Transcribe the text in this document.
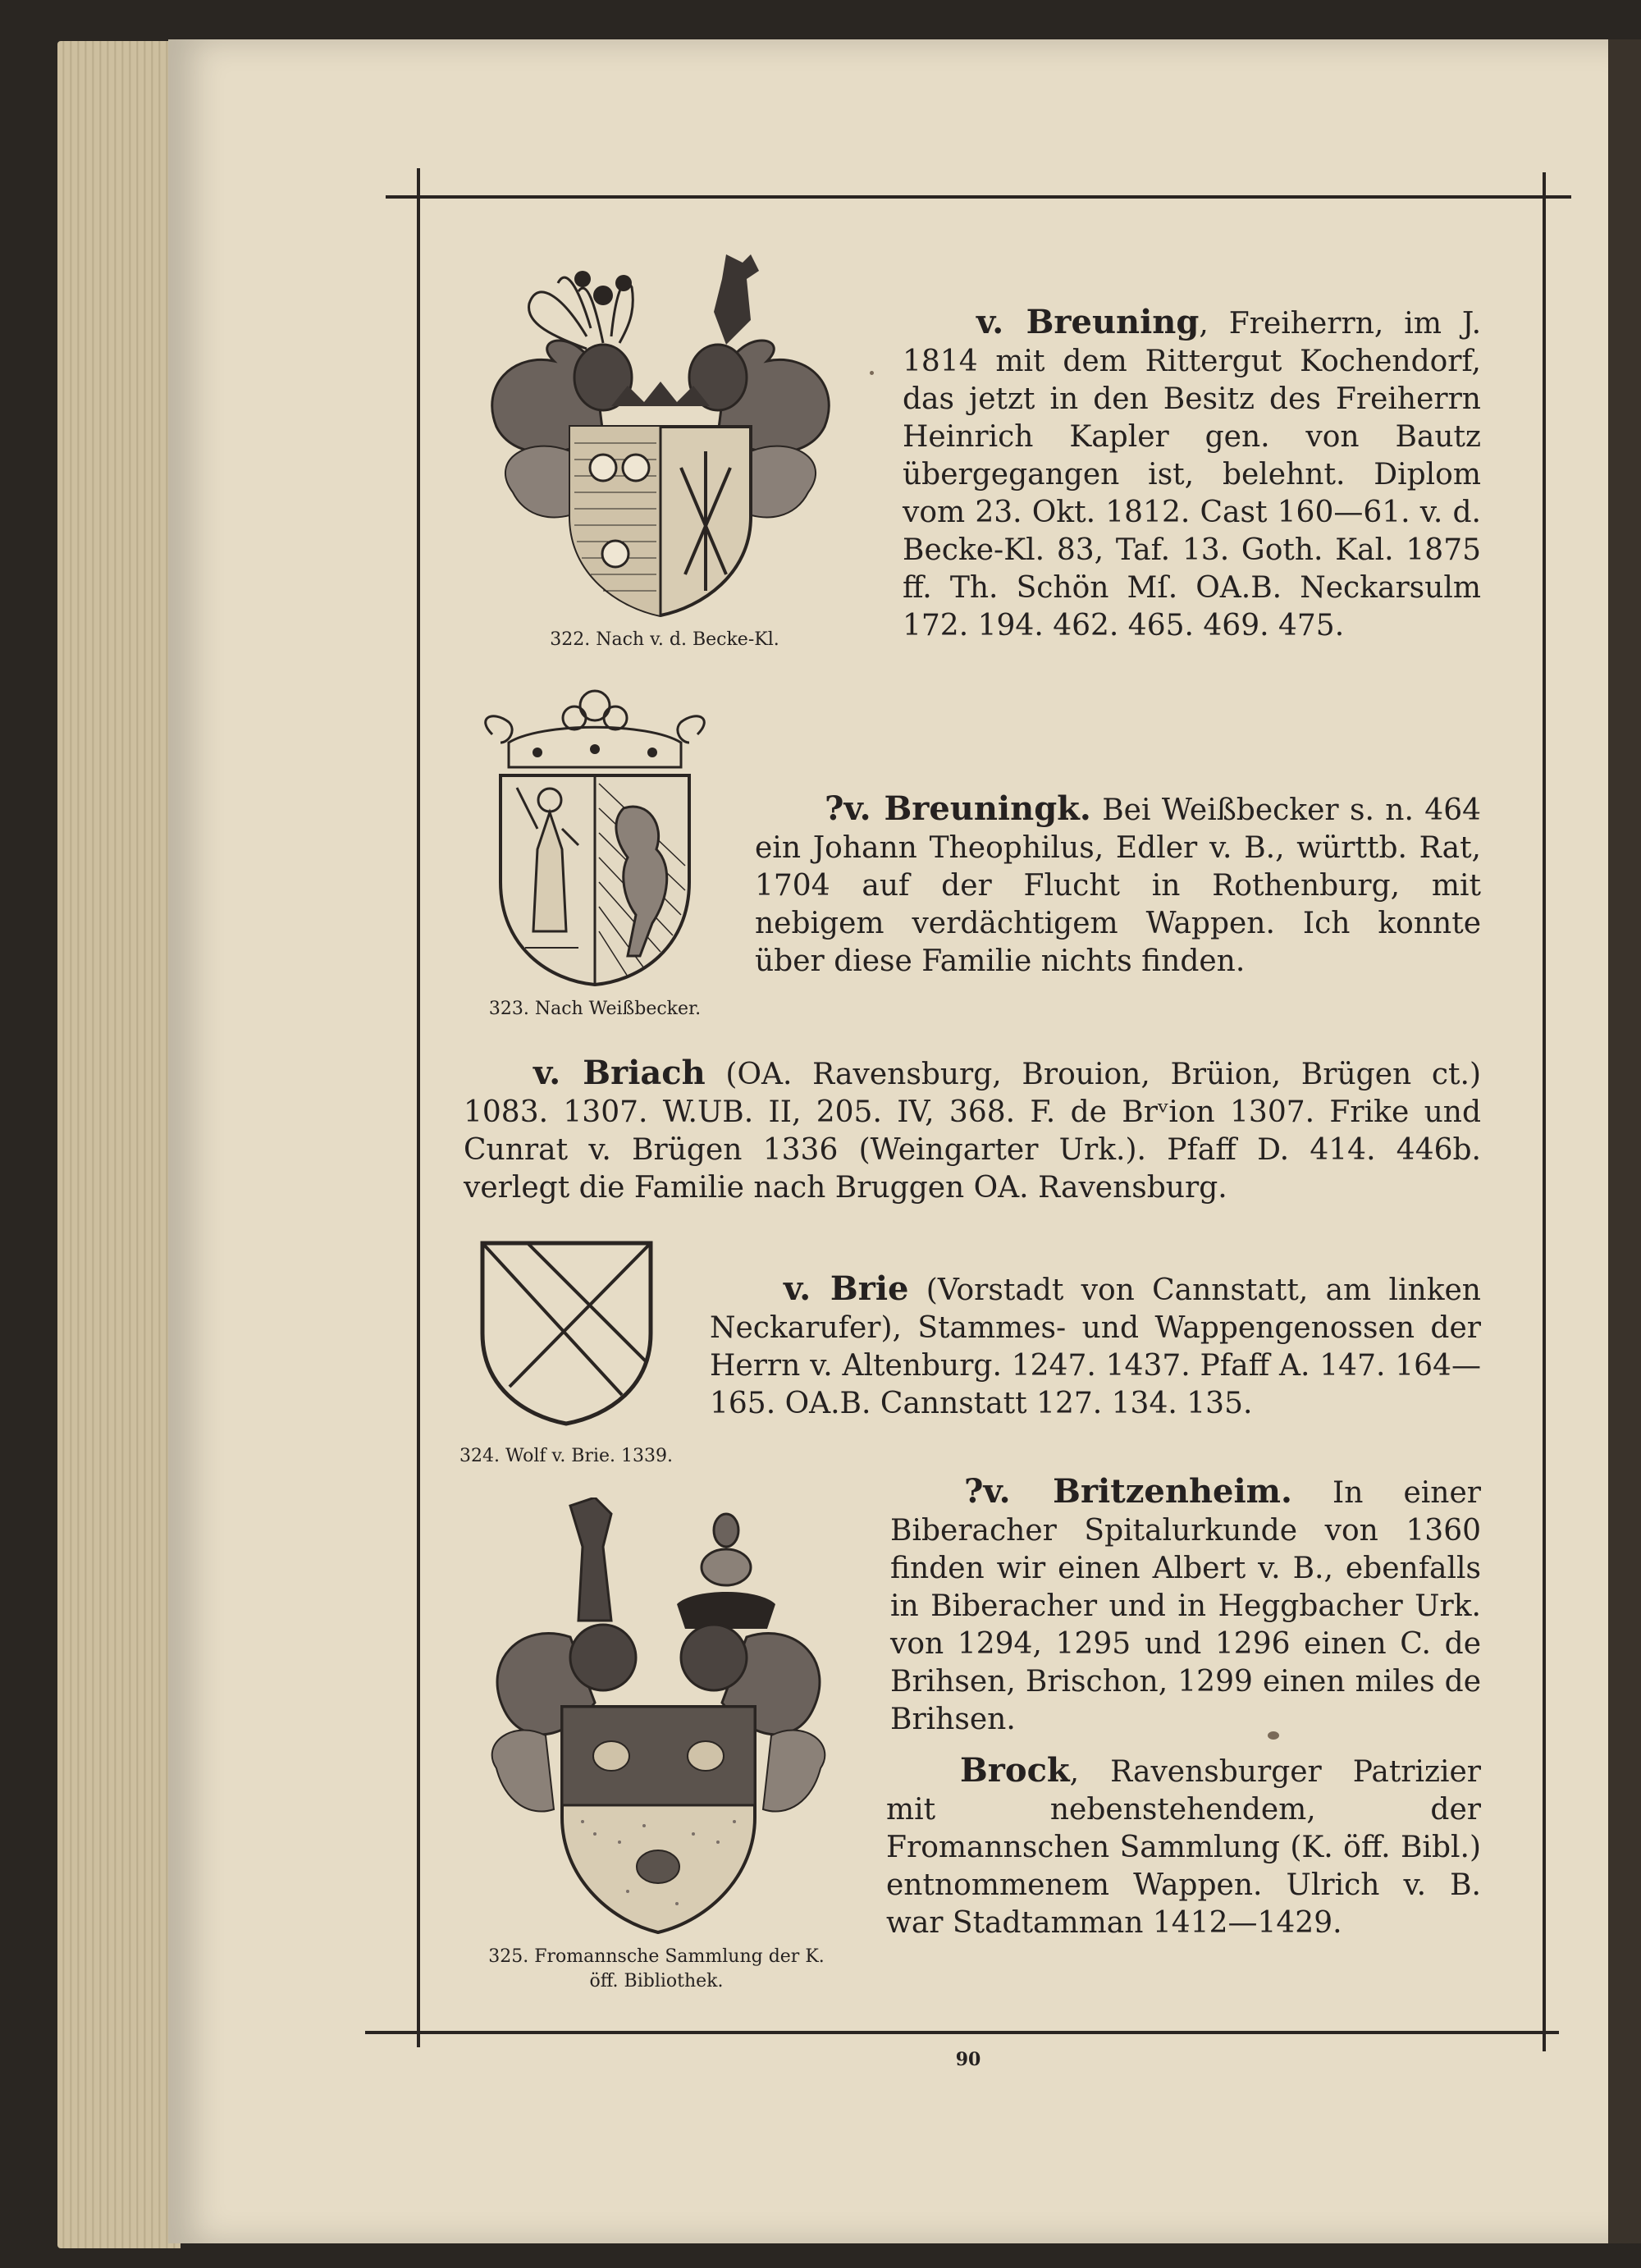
322. Nach v. d. Becke-Kl.
v. Breuning, Freiherrn, im J. 1814 mit dem Rittergut Kochendorf, das jetzt in den Besitz des Freiherrn Heinrich Kapler gen. von Bautz übergegangen ist, belehnt. Diplom vom 23. Okt. 1812. Cast 160—61. v. d. Becke-Kl. 83, Taf. 13. Goth. Kal. 1875 ff. Th. Schön Mſ. OA.B. Neckarsulm 172. 194. 462. 465. 469. 475.
323. Nach Weißbecker.
?v. Breuningk. Bei Weißbecker s. n. 464 ein Johann Theophilus, Edler v. B., württb. Rat, 1704 auf der Flucht in Rothenburg, mit nebigem verdächtigem Wappen. Ich konnte über diese Familie nichts finden.
v. Briach (OA. Ravensburg, Brouion, Brüion, Brügen ct.) 1083. 1307. W.UB. II, 205. IV, 368. F. de Brᵛion 1307. Frike und Cunrat v. Brügen 1336 (Weingarter Urk.). Pfaff D. 414. 446b. verlegt die Familie nach Bruggen OA. Ravensburg.
324. Wolf v. Brie. 1339.
v. Brie (Vorstadt von Cannstatt, am linken Neckarufer), Stammes- und Wappengenossen der Herrn v. Altenburg. 1247. 1437. Pfaff A. 147. 164—165. OA.B. Cannstatt 127. 134. 135.
325. Fromannsche Sammlung der K. öff. Bibliothek.
?v. Britzenheim. In einer Biberacher Spitalurkunde von 1360 finden wir einen Albert v. B., ebenfalls in Biberacher und in Heggbacher Urk. von 1294, 1295 und 1296 einen C. de Brihsen, Brischon, 1299 einen miles de Brihsen.
Brock, Ravensburger Patrizier mit nebenstehendem, der Fromannschen Sammlung (K. öff. Bibl.) entnommenem Wappen. Ulrich v. B. war Stadtamman 1412—1429.
90
